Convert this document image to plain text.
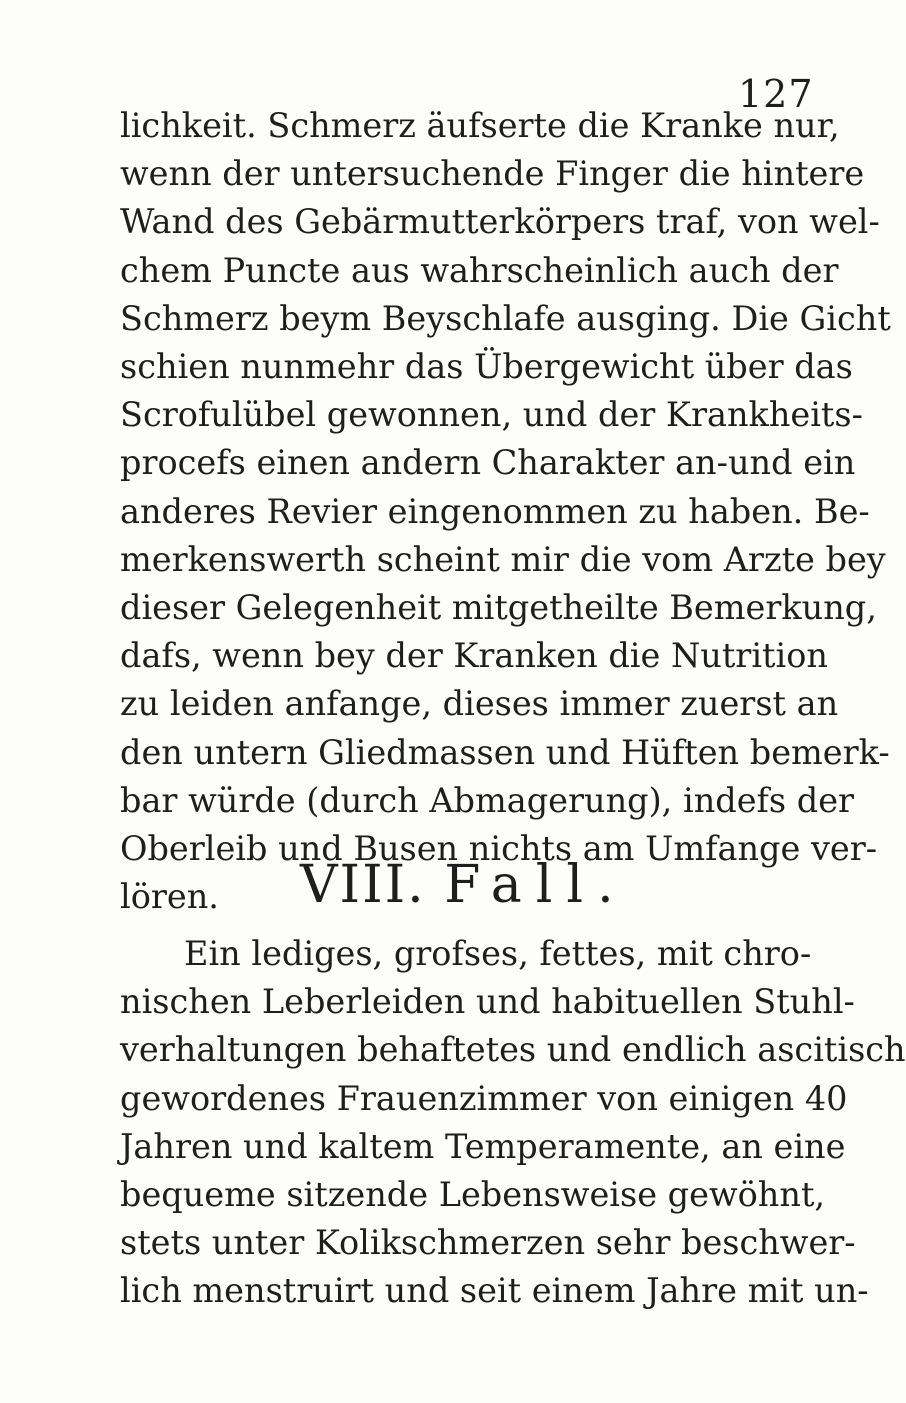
127
lichkeit. Schmerz äufserte die Kranke nur,
wenn der untersuchende Finger die hintere
Wand des Gebärmutterkörpers traf, von wel-
chem Puncte aus wahrscheinlich auch der
Schmerz beym Beyschlafe ausging. Die Gicht
schien nunmehr das Übergewicht über das
Scrofulübel gewonnen, und der Krankheits-
procefs einen andern Charakter an-und ein
anderes Revier eingenommen zu haben. Be-
merkenswerth scheint mir die vom Arzte bey
dieser Gelegenheit mitgetheilte Bemerkung,
dafs, wenn bey der Kranken die Nutrition
zu leiden anfange, dieses immer zuerst an
den untern Gliedmassen und Hüften bemerk-
bar würde (durch Abmagerung), indefs der
Oberleib und Busen nichts am Umfange ver-
lören.	VIII. Fall.
Ein lediges, grofses, fettes, mit chro-
nischen Leberleiden und habituellen Stuhl-
verhaltungen behaftetes und endlich ascitisch
gewordenes Frauenzimmer von einigen 40
Jahren und kaltem Temperamente, an eine
bequeme sitzende Lebensweise gewöhnt,
stets unter Kolikschmerzen sehr beschwer-
lich menstruirt und seit einem Jahre mit un-
